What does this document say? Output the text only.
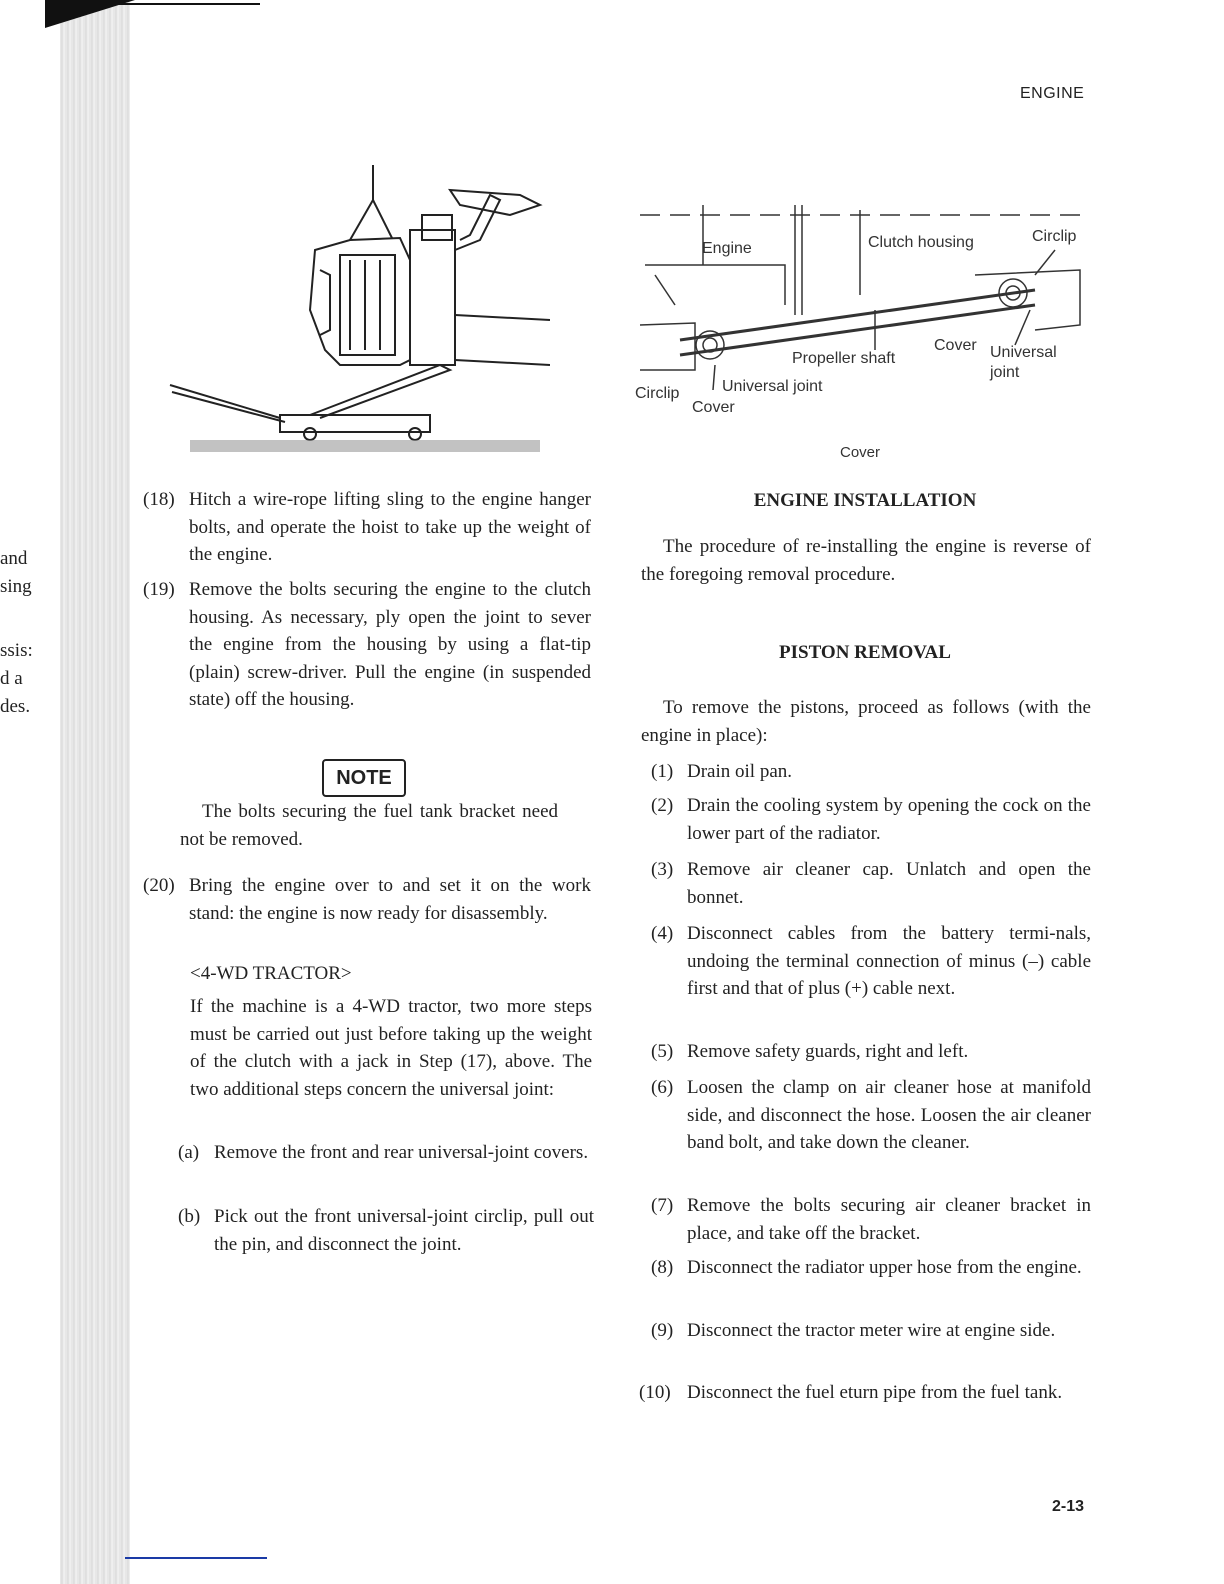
ENGINE
and
sing
ssis:
d a
des.
Engine	Clutch housing	Circlip
Propeller shaft
Cover Universal joint
Circlip	Universal joint
Cover
Cover
(18) Hitch a wire-rope lifting sling to the engine hanger bolts, and operate the hoist to take up the weight of the engine.
(19) Remove the bolts securing the engine to the clutch housing. As necessary, ply open the joint to sever the engine from the housing by using a flat-tip (plain) screw-driver. Pull the engine (in suspended state) off the housing.
NOTE
The bolts securing the fuel tank bracket need not be removed.
(20) Bring the engine over to and set it on the work stand: the engine is now ready for disassembly.
<4-WD TRACTOR>
If the machine is a 4-WD tractor, two more steps must be carried out just before taking up the weight of the clutch with a jack in Step (17), above. The two additional steps concern the universal joint:
(a) Remove the front and rear universal-joint covers.
(b) Pick out the front universal-joint circlip, pull out the pin, and disconnect the joint.
ENGINE INSTALLATION
The procedure of re-installing the engine is reverse of the foregoing removal procedure.
PISTON REMOVAL
To remove the pistons, proceed as follows (with the engine in place):
(1) Drain oil pan.
(2) Drain the cooling system by opening the cock on the lower part of the radiator.
(3) Remove air cleaner cap. Unlatch and open the bonnet.
(4) Disconnect cables from the battery termi-nals, undoing the terminal connection of minus (–) cable first and that of plus (+) cable next.
(5) Remove safety guards, right and left.
(6) Loosen the clamp on air cleaner hose at manifold side, and disconnect the hose. Loosen the air cleaner band bolt, and take down the cleaner.
(7) Remove the bolts securing air cleaner bracket in place, and take off the bracket.
(8) Disconnect the radiator upper hose from the engine.
(9) Disconnect the tractor meter wire at engine side.
(10) Disconnect the fuel eturn pipe from the fuel tank.
2-13
